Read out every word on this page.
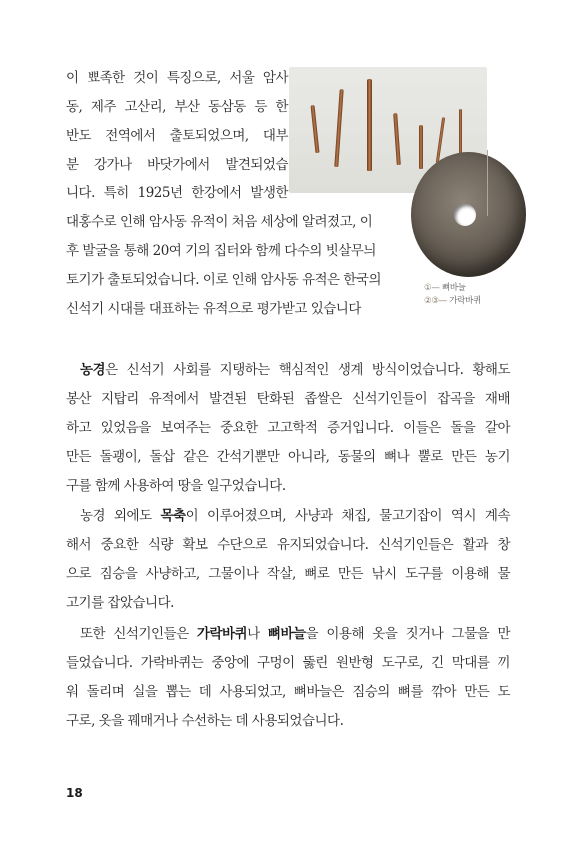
이 뾰족한 것이 특징으로, 서울 암사
동, 제주 고산리, 부산 동삼동 등 한
반도 전역에서 출토되었으며, 대부
분 강가나 바닷가에서 발견되었습
니다. 특히 1925년 한강에서 발생한
대홍수로 인해 암사동 유적이 처음 세상에 알려졌고, 이
후 발굴을 통해 20여 기의 집터와 함께 다수의 빗살무늬
토기가 출토되었습니다. 이로 인해 암사동 유적은 한국의
신석기 시대를 대표하는 유적으로 평가받고 있습니다
①— 뼈바늘
②③— 가락바퀴
농경은 신석기 사회를 지탱하는 핵심적인 생계 방식이었습니다. 황해도
봉산 지탑리 유적에서 발견된 탄화된 좁쌀은 신석기인들이 잡곡을 재배
하고 있었음을 보여주는 중요한 고고학적 증거입니다. 이들은 돌을 갈아
만든 돌괭이, 돌삽 같은 간석기뿐만 아니라, 동물의 뼈나 뿔로 만든 농기
구를 함께 사용하여 땅을 일구었습니다.
농경 외에도 목축이 이루어졌으며, 사냥과 채집, 물고기잡이 역시 계속
해서 중요한 식량 확보 수단으로 유지되었습니다. 신석기인들은 활과 창
으로 짐승을 사냥하고, 그물이나 작살, 뼈로 만든 낚시 도구를 이용해 물
고기를 잡았습니다.
또한 신석기인들은 가락바퀴나 뼈바늘을 이용해 옷을 짓거나 그물을 만
들었습니다. 가락바퀴는 중앙에 구멍이 뚫린 원반형 도구로, 긴 막대를 끼
워 돌리며 실을 뽑는 데 사용되었고, 뼈바늘은 짐승의 뼈를 깎아 만든 도
구로, 옷을 꿰매거나 수선하는 데 사용되었습니다.
18
